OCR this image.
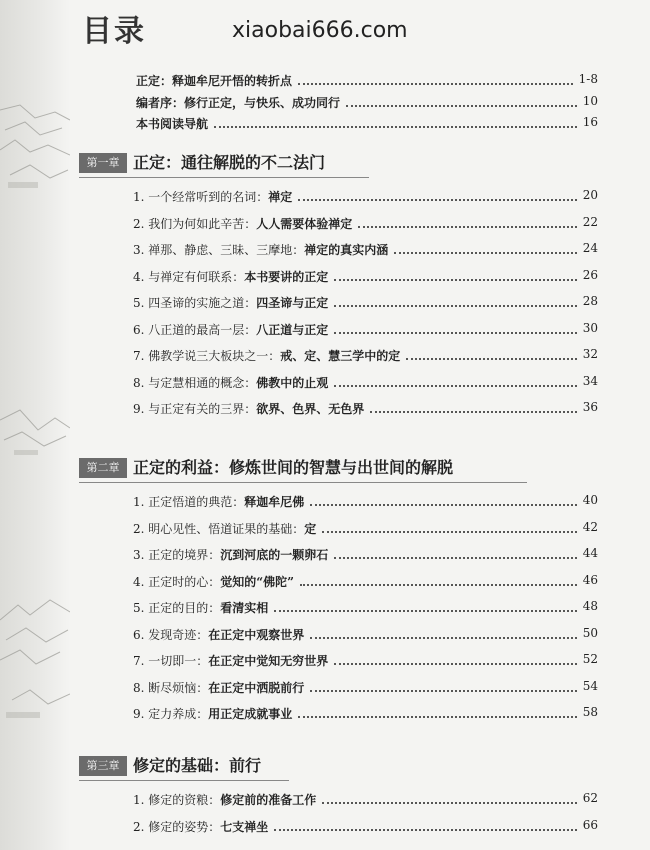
目录	xiaobai666.com
正定：释迦牟尼开悟的转折点	1-8
编者序：修行正定，与快乐、成功同行	10
本书阅读导航	16
第一章 正定：通往解脱的不二法门
1. 一个经常听到的名词：禅定	20
2. 我们为何如此辛苦：人人需要体验禅定	22
3. 禅那、静虑、三昧、三摩地：禅定的真实内涵	24
4. 与禅定有何联系：本书要讲的正定	26
5. 四圣谛的实施之道：四圣谛与正定	28
6. 八正道的最高一层：八正道与正定	30
7. 佛教学说三大板块之一：戒、定、慧三学中的定	32
8. 与定慧相通的概念：佛教中的止观	34
9. 与正定有关的三界：欲界、色界、无色界	36
第二章 正定的利益：修炼世间的智慧与出世间的解脱
1. 正定悟道的典范：释迦牟尼佛	40
2. 明心见性、悟道证果的基础：定	42
3. 正定的境界：沉到河底的一颗卵石	44
4. 正定时的心：觉知的“佛陀”	46
5. 正定的目的：看清实相	48
6. 发现奇迹：在正定中观察世界	50
7. 一切即一：在正定中觉知无穷世界	52
8. 断尽烦恼：在正定中洒脱前行	54
9. 定力养成：用正定成就事业	58
第三章 修定的基础：前行
1. 修定的资粮：修定前的准备工作	62
2. 修定的姿势：七支禅坐	66
